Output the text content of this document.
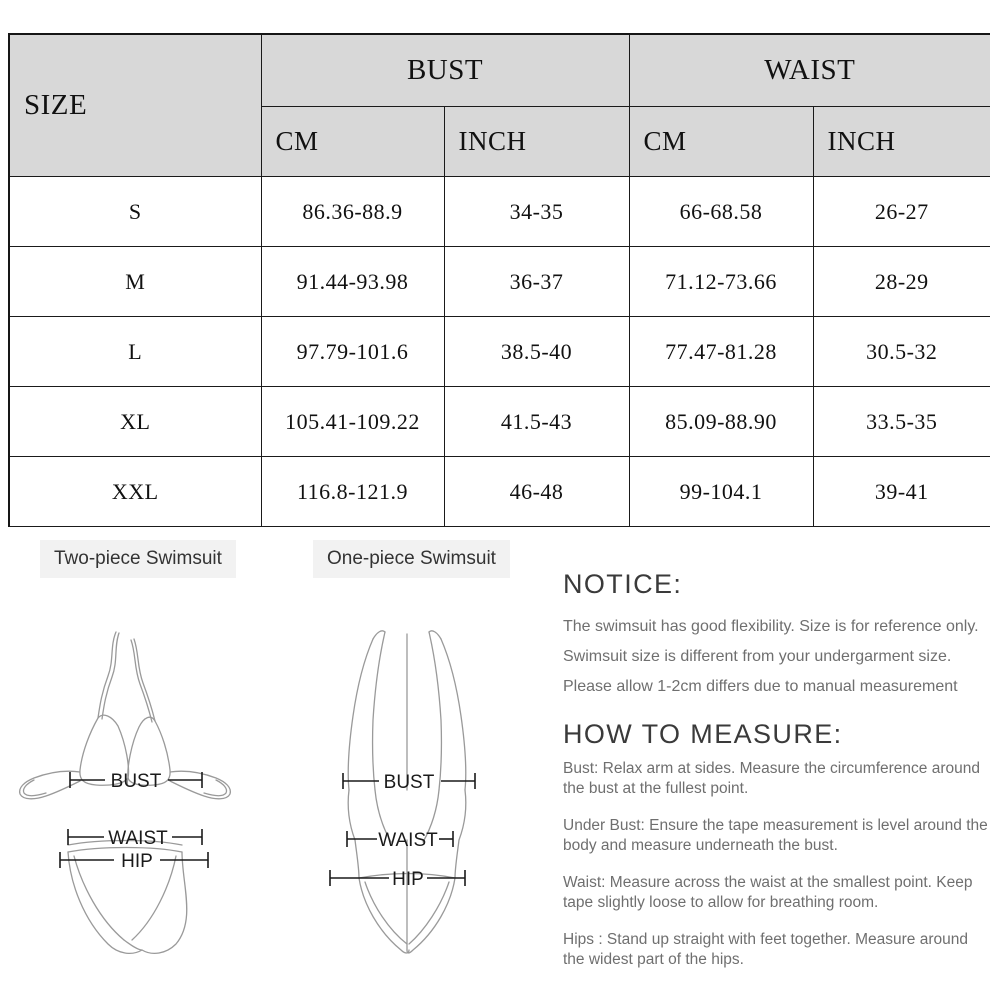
SIZE	BUST		WAIST	
	CM	INCH	CM	INCH
S	86.36-88.9	34-35	66-68.58	26-27
M	91.44-93.98	36-37	71.12-73.66	28-29
L	97.79-101.6	38.5-40	77.47-81.28	30.5-32
XL	105.41-109.22	41.5-43	85.09-88.90	33.5-35
XXL	116.8-121.9	46-48	99-104.1	39-41

Two-piece Swimsuit
BUST
WAIST
HIP
One-piece Swimsuit
BUST
WAIST
HIP
NOTICE:
The swimsuit has good flexibility. Size is for reference only.
Swimsuit size is different from your undergarment size.
Please allow 1-2cm differs due to manual measurement
HOW TO MEASURE:
Bust: Relax arm at sides. Measure the circumference around the bust at the fullest point.
Under Bust: Ensure the tape measurement is level around the body and measure underneath the bust.
Waist: Measure across the waist at the smallest point. Keep tape slightly loose to allow for breathing room.
Hips : Stand up straight with feet together. Measure around the widest part of the hips.
